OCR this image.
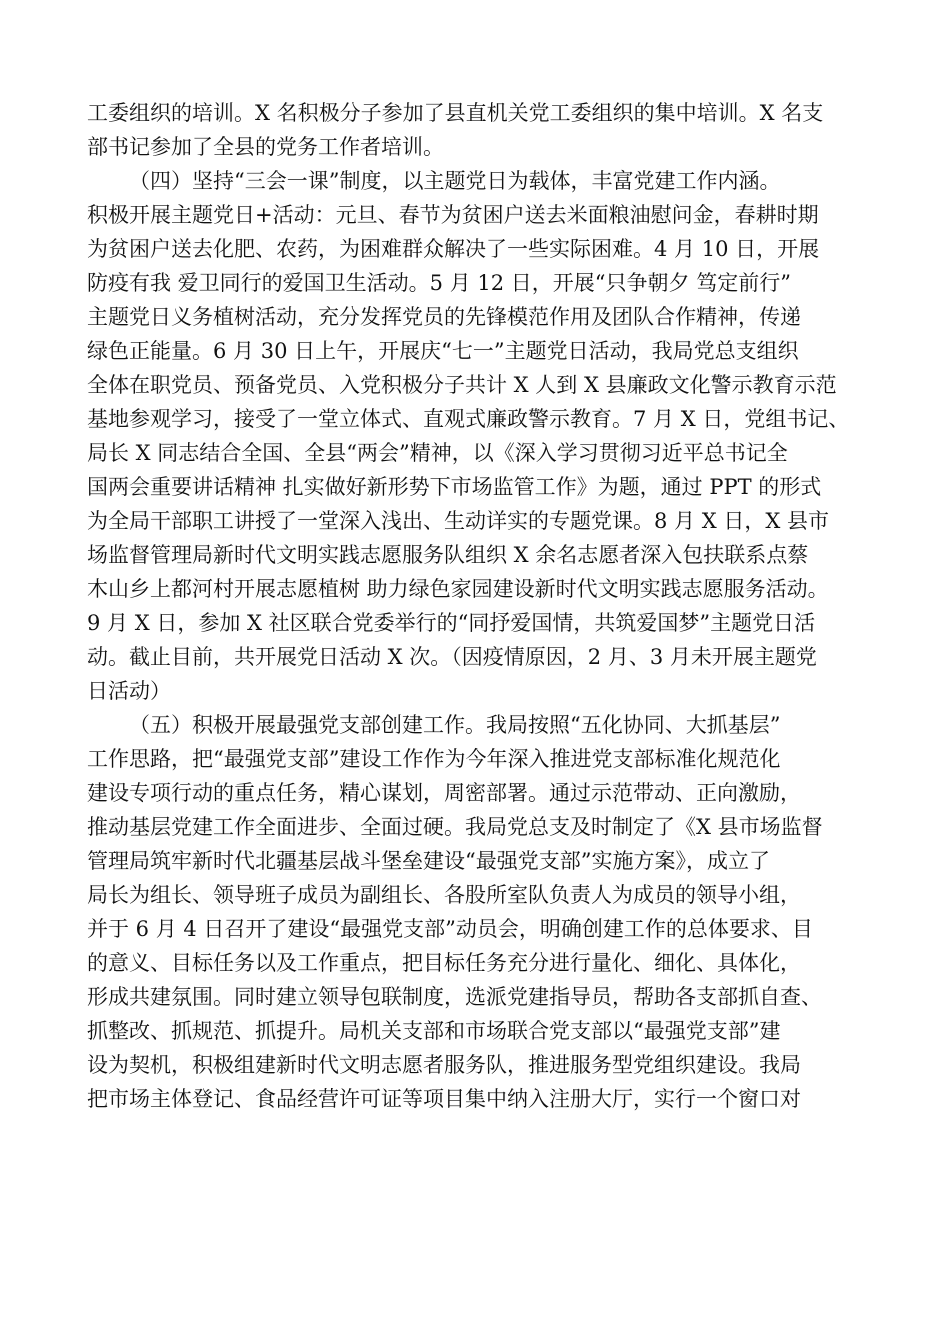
工委组织的培训。X 名积极分子参加了县直机关党工委组织的集中培训。X 名支
部书记参加了全县的党务工作者培训。
（四）坚持“三会一课”制度，以主题党日为载体，丰富党建工作内涵。
积极开展主题党日+活动：元旦、春节为贫困户送去米面粮油慰问金，春耕时期
为贫困户送去化肥、农药，为困难群众解决了一些实际困难。4 月 10 日，开展
防疫有我 爱卫同行的爱国卫生活动。5 月 12 日，开展“只争朝夕 笃定前行”
主题党日义务植树活动，充分发挥党员的先锋模范作用及团队合作精神，传递
绿色正能量。6 月 30 日上午，开展庆“七一”主题党日活动，我局党总支组织
全体在职党员、预备党员、入党积极分子共计 X 人到 X 县廉政文化警示教育示范
基地参观学习，接受了一堂立体式、直观式廉政警示教育。7 月 X 日，党组书记、
局长 X 同志结合全国、全县“两会”精神，以《深入学习贯彻习近平总书记全
国两会重要讲话精神 扎实做好新形势下市场监管工作》为题，通过 PPT 的形式
为全局干部职工讲授了一堂深入浅出、生动详实的专题党课。8 月 X 日，X 县市
场监督管理局新时代文明实践志愿服务队组织 X 余名志愿者深入包扶联系点蔡
木山乡上都河村开展志愿植树 助力绿色家园建设新时代文明实践志愿服务活动。
9 月 X 日，参加 X 社区联合党委举行的“同抒爱国情，共筑爱国梦”主题党日活
动。截止目前，共开展党日活动 X 次。（因疫情原因，2 月、3 月未开展主题党
日活动）
（五）积极开展最强党支部创建工作。我局按照“五化协同、大抓基层”
工作思路，把“最强党支部”建设工作作为今年深入推进党支部标准化规范化
建设专项行动的重点任务，精心谋划，周密部署。通过示范带动、正向激励，
推动基层党建工作全面进步、全面过硬。我局党总支及时制定了《X 县市场监督
管理局筑牢新时代北疆基层战斗堡垒建设“最强党支部”实施方案》，成立了
局长为组长、领导班子成员为副组长、各股所室队负责人为成员的领导小组，
并于 6 月 4 日召开了建设“最强党支部”动员会，明确创建工作的总体要求、目
的意义、目标任务以及工作重点，把目标任务充分进行量化、细化、具体化，
形成共建氛围。同时建立领导包联制度，选派党建指导员，帮助各支部抓自查、
抓整改、抓规范、抓提升。局机关支部和市场联合党支部以“最强党支部”建
设为契机，积极组建新时代文明志愿者服务队，推进服务型党组织建设。我局
把市场主体登记、食品经营许可证等项目集中纳入注册大厅，实行一个窗口对
